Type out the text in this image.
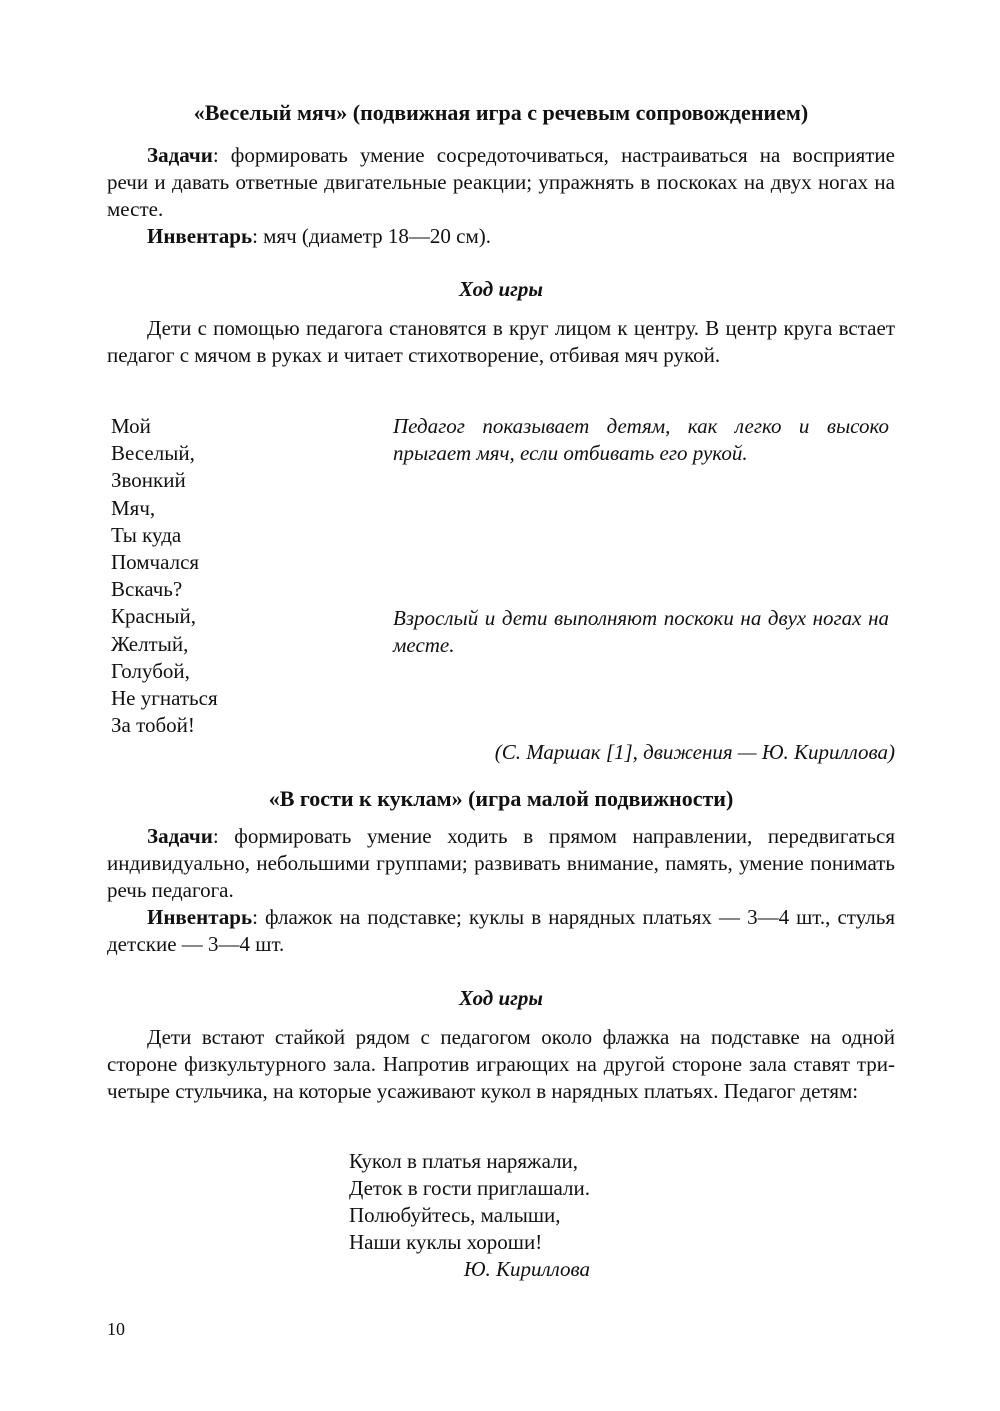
«Веселый мяч» (подвижная игра с речевым сопровождением)

Задачи: формировать умение сосредоточиваться, настраиваться на восприятие речи и давать ответные двигательные реакции; упражнять в поскоках на двух ногах на месте.

Инвентарь: мяч (диаметр 18—20 см).

Ход игры

Дети с помощью педагога становятся в круг лицом к центру. В центр круга встает педагог с мячом в руках и читает стихотворение, отбивая мяч рукой.

Мой
Веселый,
Звонкий
Мяч,
Ты куда
Помчался
Вскачь?
Красный,
Желтый,
Голубой,
Не угнаться
За тобой!
Педагог показывает детям, как легко и высоко прыгает мяч, если отбивать его рукой.
Взрослый и дети выполняют поскоки на двух ногах на месте.
(С. Маршак [1], движения — Ю. Кириллова)
«В гости к куклам» (игра малой подвижности)

Задачи: формировать умение ходить в прямом направлении, передвигаться индивидуально, небольшими группами; развивать внимание, память, умение понимать речь педагога.

Инвентарь: флажок на подставке; куклы в нарядных платьях — 3—4 шт., стулья детские — 3—4 шт.

Ход игры

Дети встают стайкой рядом с педагогом около флажка на подставке на одной стороне физкультурного зала. Напротив играющих на другой стороне зала ставят три-четыре стульчика, на которые усаживают кукол в нарядных платьях. Педагог детям:

Кукол в платья наряжали,
Деток в гости приглашали.
Полюбуйтесь, малыши,
Наши куклы хороши!
Ю. Кириллова
10
